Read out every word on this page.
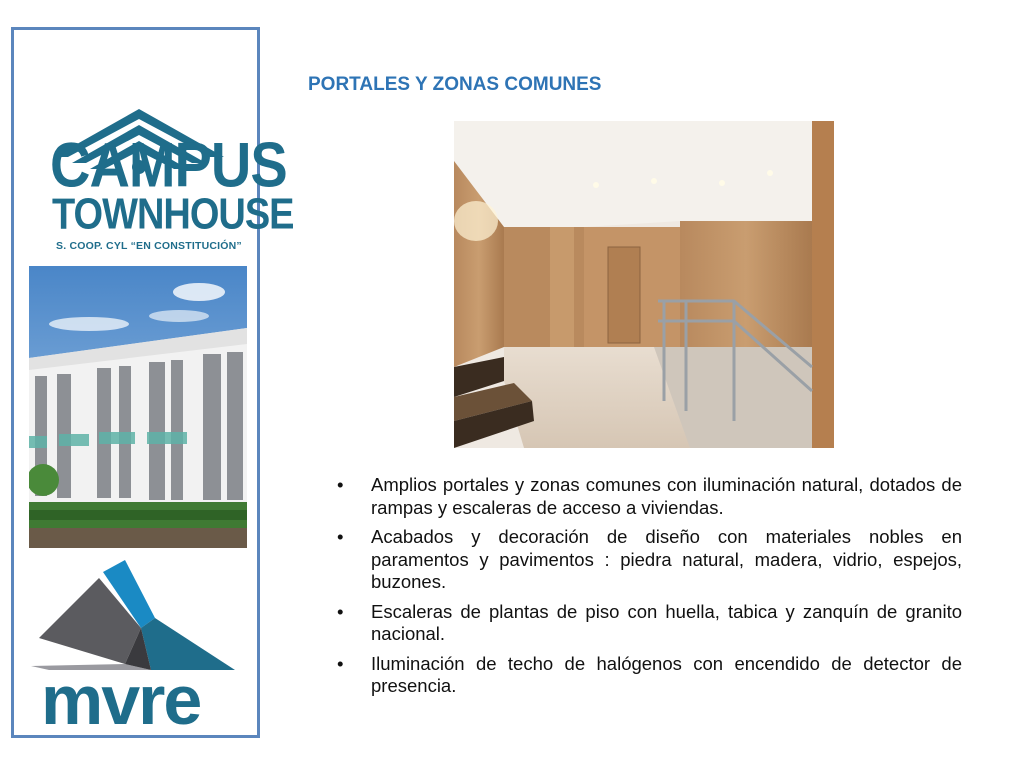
CAMPUS
TOWNHOUSE
S. COOP. CYL “EN CONSTITUCIÓN”
mvre
PORTALES Y ZONAS COMUNES
• Amplios portales y zonas comunes con iluminación natural, dotados de rampas y escaleras de acceso a viviendas.
• Acabados y decoración de diseño con materiales nobles en paramentos y pavimentos : piedra natural, madera, vidrio, espejos, buzones.
• Escaleras de plantas de piso con huella, tabica y zanquín de granito nacional.
• Iluminación de techo de halógenos con encendido de detector de presencia.
